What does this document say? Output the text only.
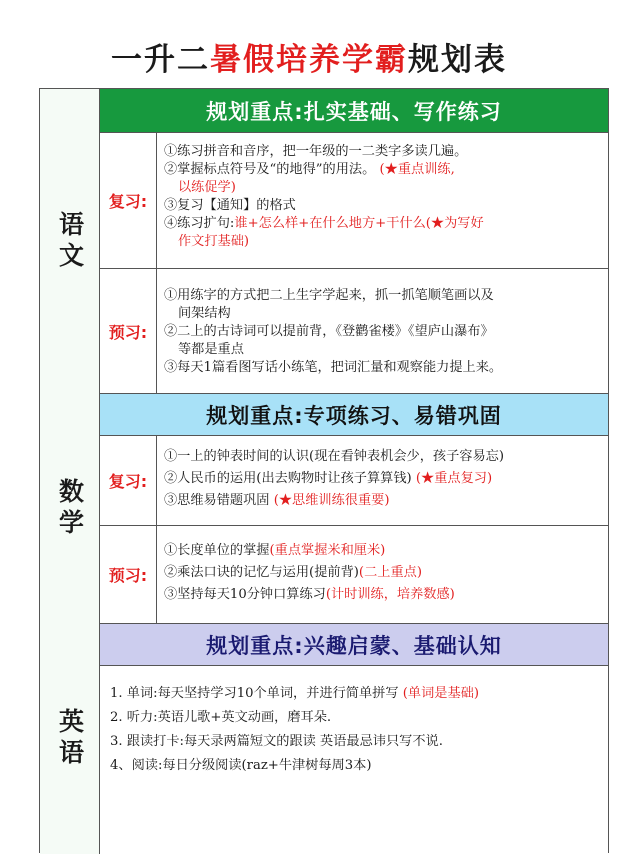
一升二暑假培养学霸规划表
语文
规划重点:扎实基础、写作练习
复习:
①练习拼音和音序，把一年级的一二类字多读几遍。
②掌握标点符号及“的地得”的用法。 (★重点训练,
以练促学)
③复习【通知】的格式
④练习扩句:谁+怎么样+在什么地方+干什么(★为写好
作文打基础)
预习:
①用练字的方式把二上生字学起来，抓一抓笔顺笔画以及
间架结构
②二上的古诗词可以提前背，《登鹳雀楼》《望庐山瀑布》
等都是重点
③每天1篇看图写话小练笔，把词汇量和观察能力提上来。
数学
规划重点:专项练习、易错巩固
复习:
①一上的钟表时间的认识(现在看钟表机会少，孩子容易忘)
②人民币的运用(出去购物时让孩子算算钱) (★重点复习)
③思维易错题巩固 (★思维训练很重要)
预习:
①长度单位的掌握(重点掌握米和厘米)
②乘法口诀的记忆与运用(提前背)(二上重点)
③坚持每天10分钟口算练习(计时训练，培养数感)
英语
规划重点:兴趣启蒙、基础认知
1. 单词:每天坚持学习10个单词，并进行简单拼写 (单词是基础)
2. 听力:英语儿歌+英文动画，磨耳朵.
3. 跟读打卡:每天录两篇短文的跟读 英语最忌讳只写不说.
4、阅读:每日分级阅读(raz+牛津树每周3本)
